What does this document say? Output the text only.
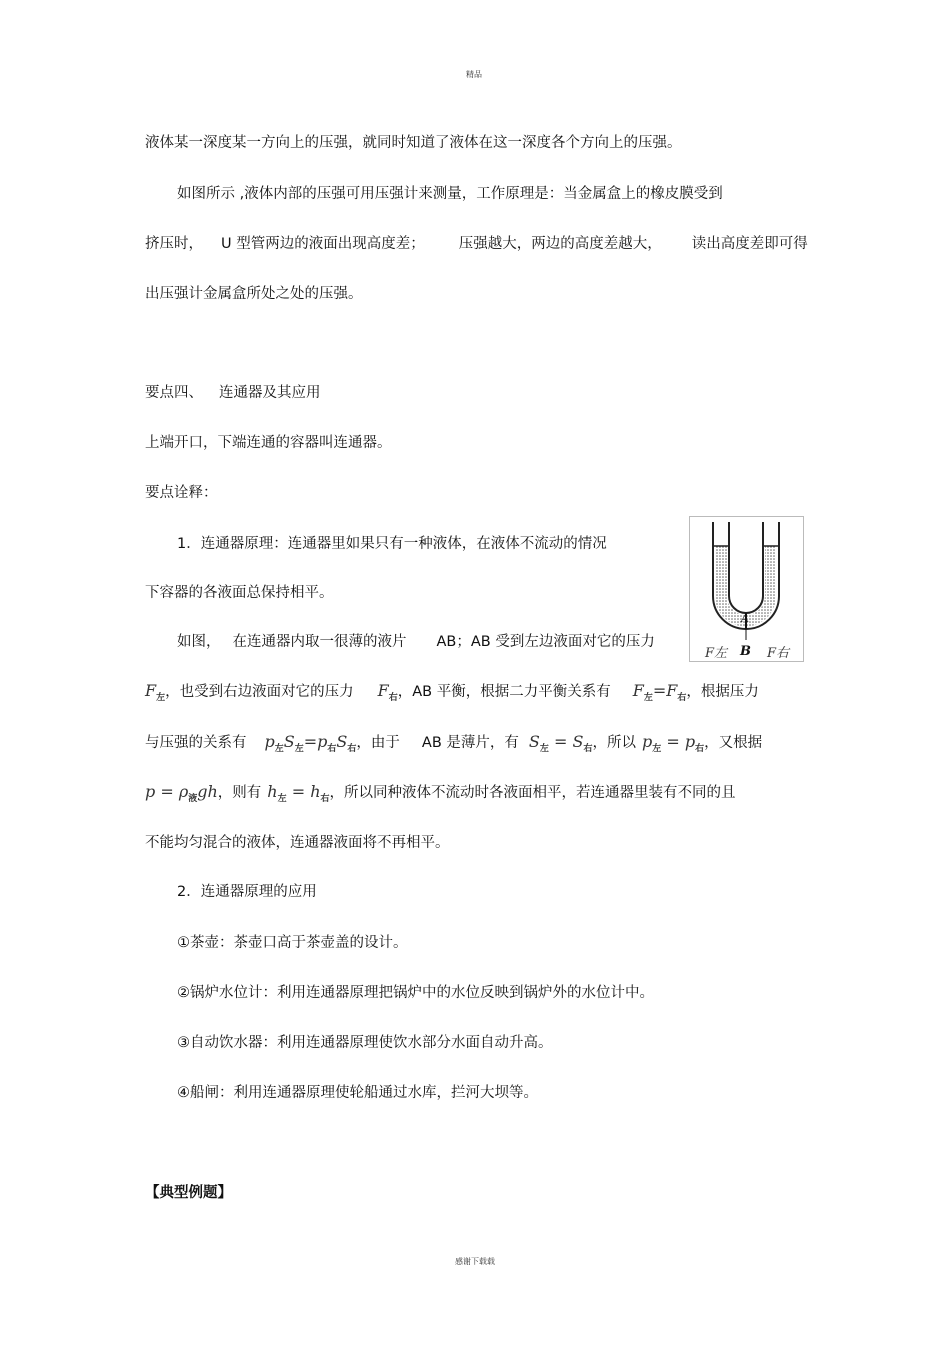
精品
液体某一深度某一方向上的压强，就同时知道了液体在这一深度各个方向上的压强。
如图所示 ,液体内部的压强可用压强计来测量，工作原理是：当金属盒上的橡皮膜受到
挤压时， U 型管两边的液面出现高度差； 压强越大，两边的高度差越大， 读出高度差即可得
出压强计金属盒所处之处的压强。
要点四、 连通器及其应用
上端开口，下端连通的容器叫连通器。
要点诠释：
1．连通器原理：连通器里如果只有一种液体，在液体不流动的情况
下容器的各液面总保持相平。
如图， 在连通器内取一很薄的液片 AB；AB 受到左边液面对它的压力
$F_左$，也受到右边液面对它的压力 $F_右$，AB 平衡，根据二力平衡关系有 $F_左=F_右$，根据压力
与压强的关系有 $p_左S_左=p_右S_右$，由于 AB 是薄片，有 $S_左 = S_右$，所以 $p_左 = p_右$，又根据
$p = \rho_液gh$，则有 $h_左 = h_右$，所以同种液体不流动时各液面相平，若连通器里装有不同的且
不能均匀混合的液体，连通器液面将不再相平。
2．连通器原理的应用
①茶壶：茶壶口高于茶壶盖的设计。
②锅炉水位计：利用连通器原理把锅炉中的水位反映到锅炉外的水位计中。
③自动饮水器：利用连通器原理使饮水部分水面自动升高。
④船闸：利用连通器原理使轮船通过水库，拦河大坝等。
【典型例题】
感谢下载载
A
B
F左	F右
